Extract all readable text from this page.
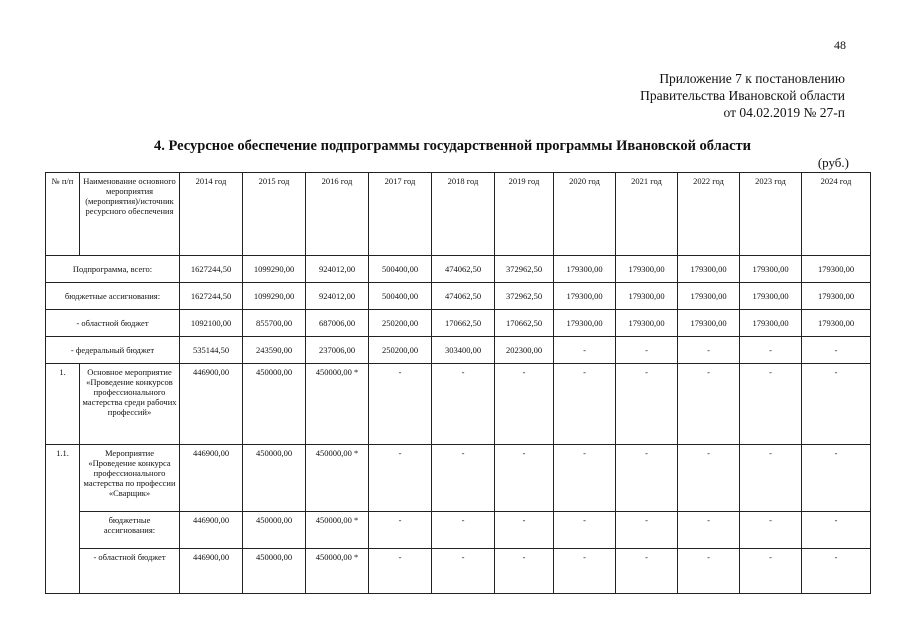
48
Приложение 7 к постановлению
Правительства Ивановской области
от 04.02.2019 № 27-п
4. Ресурсное обеспечение подпрограммы государственной программы Ивановской области
(руб.)
№ п/п	Наименование основного мероприятия (мероприятия)/источник ресурсного обеспечения	2014 год	2015 год	2016 год	2017 год	2018 год	2019 год	2020 год	2021 год	2022 год	2023 год	2024 год
Подпрограмма, всего:		1627244,50	1099290,00	924012,00	500400,00	474062,50	372962,50	179300,00	179300,00	179300,00	179300,00	179300,00
бюджетные ассигнования:		1627244,50	1099290,00	924012,00	500400,00	474062,50	372962,50	179300,00	179300,00	179300,00	179300,00	179300,00
- областной бюджет		1092100,00	855700,00	687006,00	250200,00	170662,50	170662,50	179300,00	179300,00	179300,00	179300,00	179300,00
- федеральный бюджет		535144,50	243590,00	237006,00	250200,00	303400,00	202300,00	-	-	-	-	-
1.	Основное мероприятие «Проведение конкурсов профессионального мастерства среди рабочих профессий»	446900,00	450000,00	450000,00 *	-	-	-	-	-	-	-	-
1.1.	Мероприятие «Проведение конкурса профессионального мастерства по профессии «Сварщик»	446900,00	450000,00	450000,00 *	-	-	-	-	-	-	-	-
	бюджетные ассигнования:	446900,00	450000,00	450000,00 *	-	-	-	-	-	-	-	-
	- областной бюджет	446900,00	450000,00	450000,00 *	-	-	-	-	-	-	-	-
